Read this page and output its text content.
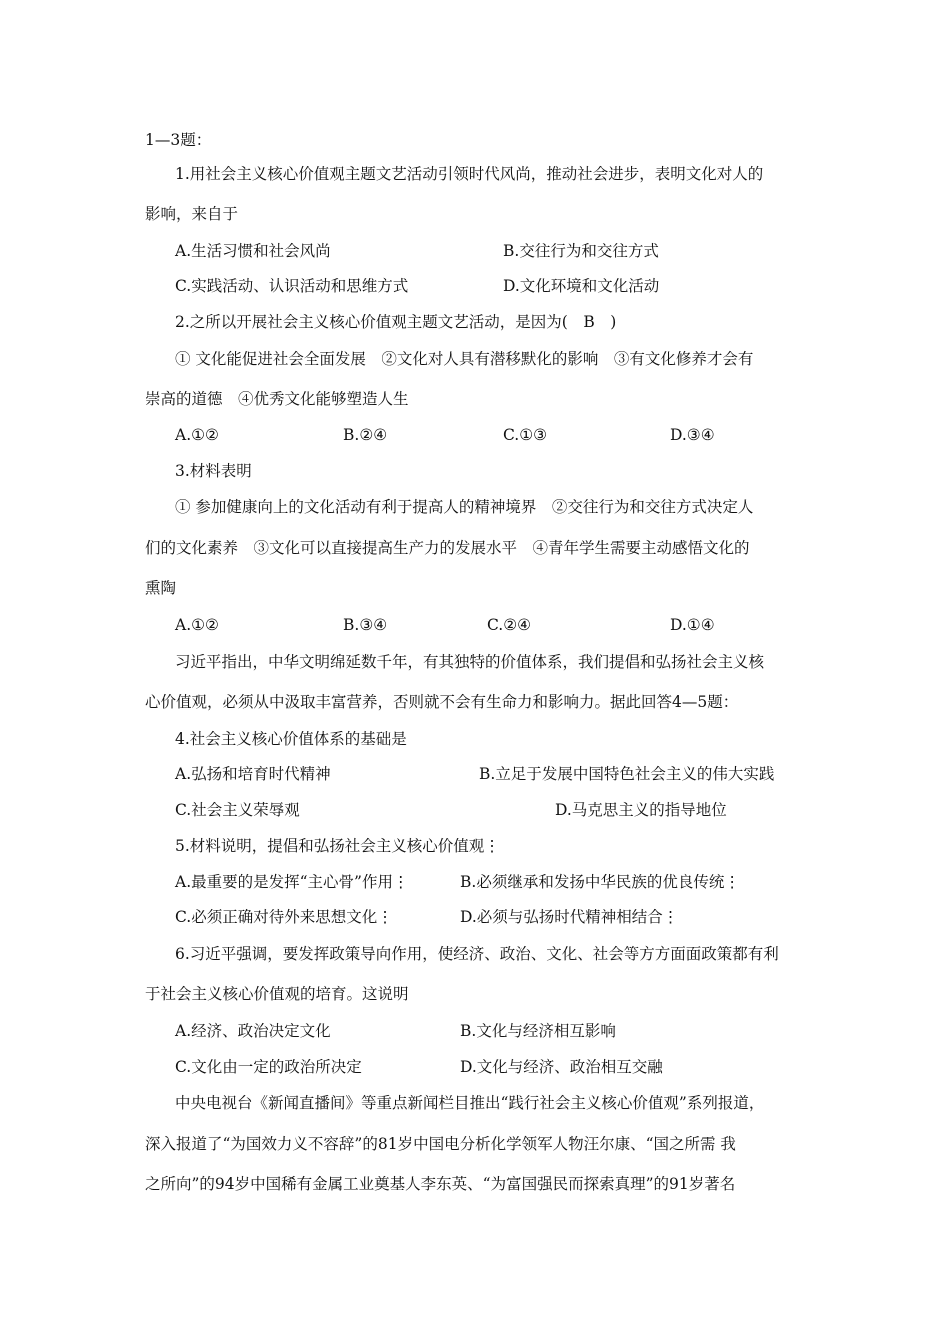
1—3题：
1.用社会主义核心价值观主题文艺活动引领时代风尚，推动社会进步，表明文化对人的
影响，来自于
A.生活习惯和社会风尚	B.交往行为和交往方式
C.实践活动、认识活动和思维方式	D.文化环境和文化活动
2.之所以开展社会主义核心价值观主题文艺活动，是因为(　B　)
① 文化能促进社会全面发展　②文化对人具有潜移默化的影响　③有文化修养才会有
崇高的道德　④优秀文化能够塑造人生
A.①②	B.②④	C.①③	D.③④
3.材料表明
① 参加健康向上的文化活动有利于提高人的精神境界　②交往行为和交往方式决定人
们的文化素养　③文化可以直接提高生产力的发展水平　④青年学生需要主动感悟文化的
熏陶
A.①②	B.③④	C.②④	D.①④
习近平指出，中华文明绵延数千年，有其独特的价值体系，我们提倡和弘扬社会主义核
心价值观，必须从中汲取丰富营养，否则就不会有生命力和影响力。据此回答4—5题：
4.社会主义核心价值体系的基础是
A.弘扬和培育时代精神	B.立足于发展中国特色社会主义的伟大实践
C.社会主义荣辱观	D.马克思主义的指导地位
5.材料说明，提倡和弘扬社会主义核心价值观⋮
A.最重要的是发挥“主心骨”作用⋮	B.必须继承和发扬中华民族的优良传统⋮
C.必须正确对待外来思想文化⋮	D.必须与弘扬时代精神相结合⋮
6.习近平强调，要发挥政策导向作用，使经济、政治、文化、社会等方方面面政策都有利
于社会主义核心价值观的培育。这说明
A.经济、政治决定文化	B.文化与经济相互影响
C.文化由一定的政治所决定	D.文化与经济、政治相互交融
中央电视台《新闻直播间》等重点新闻栏目推出“践行社会主义核心价值观”系列报道，
深入报道了“为国效力义不容辞”的81岁中国电分析化学领军人物汪尔康、“国之所需 我
之所向”的94岁中国稀有金属工业奠基人李东英、“为富国强民而探索真理”的91岁著名
